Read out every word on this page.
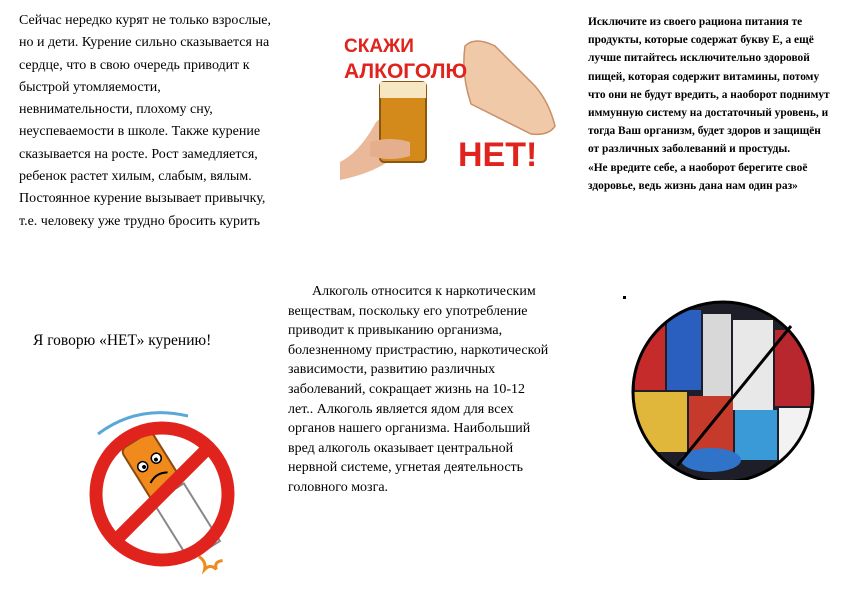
Сейчас нередко курят не только взрослые, но и дети. Курение сильно сказывается на сердце, что в свою очередь приводит к быстрой утомляемости, невнимательности, плохому сну, неуспеваемости в школе. Также курение сказывается на росте. Рост замедляется, ребенок растет хилым, слабым, вялым. Постоянное курение вызывает привычку, т.е. человеку уже трудно бросить курить
Я говорю «НЕТ» курению!
СКАЖИ
АЛКОГОЛЮ
НЕТ!
Алкоголь относится к наркотическим веществам, поскольку его употребление приводит к привыканию организма, болезненному пристрастию, наркотической зависимости, развитию различных заболеваний, сокращает жизнь на 10-12 лет.. Алкоголь является ядом для всех органов нашего организма. Наибольший вред алкоголь оказывает центральной нервной системе, угнетая деятельность головного мозга.

Исключите из своего рациона питания те продукты, которые содержат букву Е, а ещё лучше питайтесь исключительно здоровой пищей, которая содержит витамины, потому что они не будут вредить, а наоборот поднимут иммунную систему на достаточный уровень, и тогда Ваш организм, будет здоров и защищён от различных заболеваний и простуды.

«Не вредите себе, а наоборот берегите своё здоровье, ведь жизнь дана нам один раз»
